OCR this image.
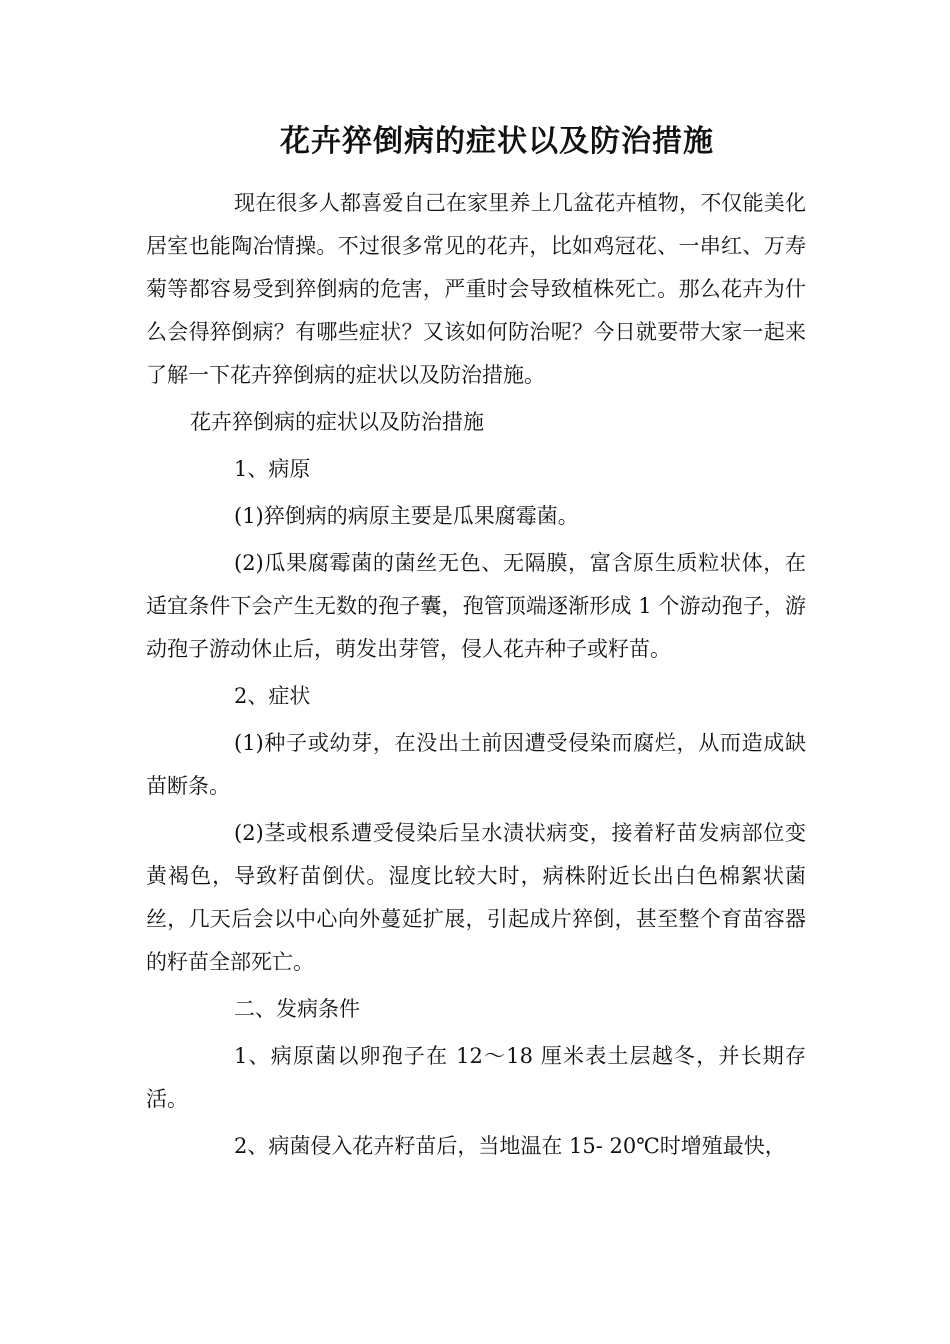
花卉猝倒病的症状以及防治措施

现在很多人都喜爱自己在家里养上几盆花卉植物，不仅能美化居室也能陶冶情操。不过很多常见的花卉，比如鸡冠花、一串红、万寿菊等都容易受到猝倒病的危害，严重时会导致植株死亡。那么花卉为什么会得猝倒病？有哪些症状？又该如何防治呢？今日就要带大家一起来了解一下花卉猝倒病的症状以及防治措施。

花卉猝倒病的症状以及防治措施

1、病原

(1)猝倒病的病原主要是瓜果腐霉菌。

(2)瓜果腐霉菌的菌丝无色、无隔膜，富含原生质粒状体，在适宜条件下会产生无数的孢子囊，孢管顶端逐渐形成 1 个游动孢子，游动孢子游动休止后，萌发出芽管，侵人花卉种子或籽苗。

2、症状

(1)种子或幼芽，在没出土前因遭受侵染而腐烂，从而造成缺苗断条。

(2)茎或根系遭受侵染后呈水渍状病变，接着籽苗发病部位变黄褐色，导致籽苗倒伏。湿度比较大时，病株附近长出白色棉絮状菌丝，几天后会以中心向外蔓延扩展，引起成片猝倒，甚至整个育苗容器的籽苗全部死亡。

二、发病条件

1、病原菌以卵孢子在 12～18 厘米表土层越冬，并长期存活。

2、病菌侵入花卉籽苗后，当地温在 15- 20℃时增殖最快，
